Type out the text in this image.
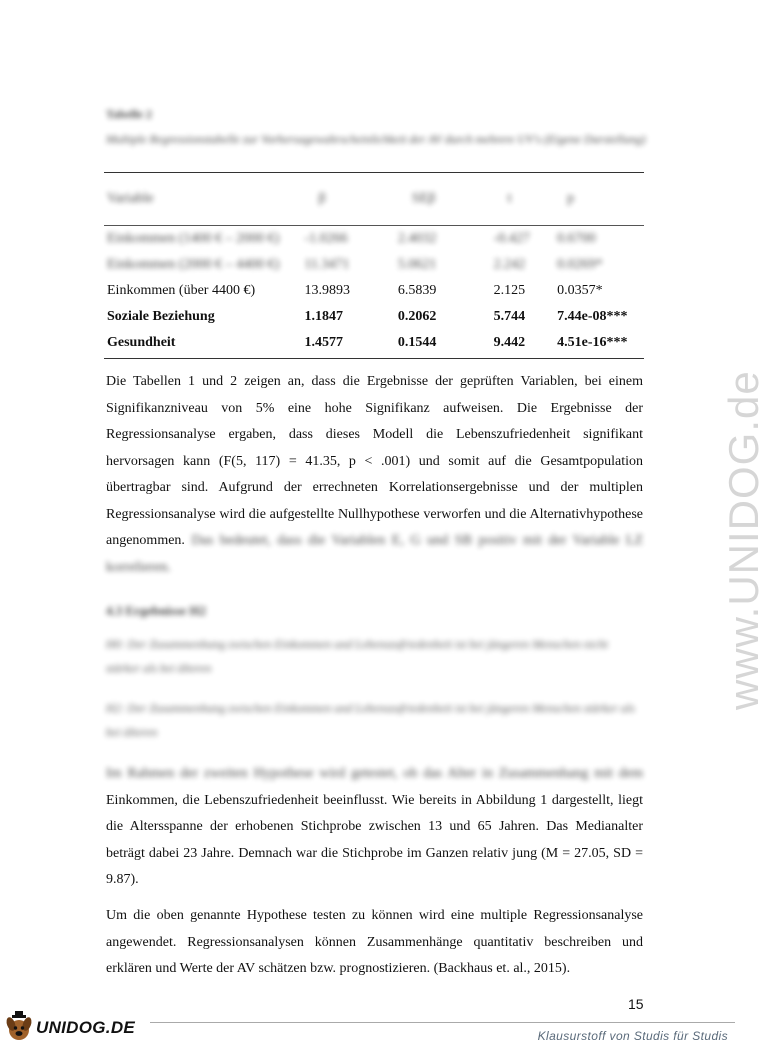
Tabelle 2
Multiple Regressionstabelle zur Vorhersagewahrscheinlichkeit der AV durch mehrere UV's (Eigene Darstellung)
Variable	β	SEβ	t	p
Einkommen (1400 € – 2000 €)	-1.0266	2.4032	-0.427	0.6700
Einkommen (2000 € – 4400 €)	11.3471	5.0621	2.242	0.0269*
Einkommen (über 4400 €)	13.9893	6.5839	2.125	0.0357*
Soziale Beziehung	1.1847	0.2062	5.744	7.44e-08***
Gesundheit	1.4577	0.1544	9.442	4.51e-16***

Die Tabellen 1 und 2 zeigen an, dass die Ergebnisse der geprüften Variablen, bei einem Signifikanzniveau von 5% eine hohe Signifikanz aufweisen. Die Ergebnisse der Regressionsanalyse ergaben, dass dieses Modell die Lebenszufriedenheit signifikant hervorsagen kann (F(5, 117) = 41.35, p < .001) und somit auf die Gesamtpopulation übertragbar sind. Aufgrund der errechneten Korrelationsergebnisse und der multiplen Regressionsanalyse wird die aufgestellte Nullhypothese verworfen und die Alternativhypothese angenommen. Das bedeutet, dass die Variablen E, G und SB positiv mit der Variable LZ korrelieren.

4.3 Ergebnisse H2
H0: Der Zusammenhang zwischen Einkommen und Lebenszufriedenheit ist bei jüngeren Menschen nicht stärker als bei älteren
H2: Der Zusammenhang zwischen Einkommen und Lebenszufriedenheit ist bei jüngeren Menschen stärker als bei älteren

Im Rahmen der zweiten Hypothese wird getestet, ob das Alter in Zusammenhang mit dem Einkommen, die Lebenszufriedenheit beeinflusst. Wie bereits in Abbildung 1 dargestellt, liegt die Altersspanne der erhobenen Stichprobe zwischen 13 und 65 Jahren. Das Medianalter beträgt dabei 23 Jahre. Demnach war die Stichprobe im Ganzen relativ jung (M = 27.05, SD = 9.87).

Um die oben genannte Hypothese testen zu können wird eine multiple Regressionsanalyse angewendet. Regressionsanalysen können Zusammenhänge quantitativ beschreiben und erklären und Werte der AV schätzen bzw. prognostizieren. (Backhaus et. al., 2015).

15
UNIDOG.DE	Klausurstoff von Studis für Studis
www.UNIDOG.de
